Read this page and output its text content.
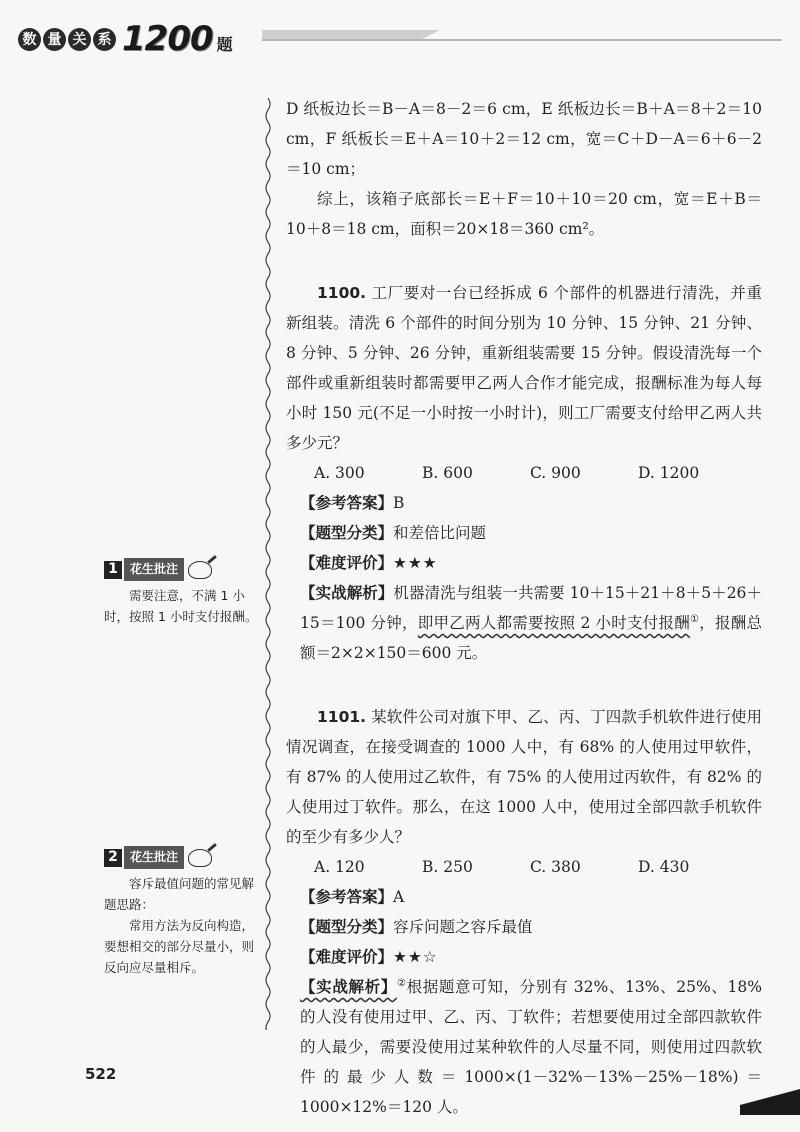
数 量 关 系 1200 题

D 纸板边长＝B－A＝8－2＝6 cm，E 纸板边长＝B＋A＝8＋2＝10 cm，F 纸板长＝E＋A＝10＋2＝12 cm，宽＝C＋D－A＝6＋6－2＝10 cm；

综上，该箱子底部长＝E＋F＝10＋10＝20 cm，宽＝E＋B＝10＋8＝18 cm，面积＝20×18＝360 cm²。

1100. 工厂要对一台已经拆成 6 个部件的机器进行清洗，并重新组装。清洗 6 个部件的时间分别为 10 分钟、15 分钟、21 分钟、8 分钟、5 分钟、26 分钟，重新组装需要 15 分钟。假设清洗每一个部件或重新组装时都需要甲乙两人合作才能完成，报酬标准为每人每小时 150 元(不足一小时按一小时计)，则工厂需要支付给甲乙两人共多少元？

A. 300	B. 600	C. 900	D. 1200

【参考答案】B

【题型分类】和差倍比问题

【难度评价】★★★

【实战解析】机器清洗与组装一共需要 10＋15＋21＋8＋5＋26＋15＝100 分钟，即甲乙两人都需要按照 2 小时支付报酬①，报酬总额＝2×2×150＝600 元。

1101. 某软件公司对旗下甲、乙、丙、丁四款手机软件进行使用情况调查，在接受调查的 1000 人中，有 68% 的人使用过甲软件，有 87% 的人使用过乙软件，有 75% 的人使用过丙软件，有 82% 的人使用过丁软件。那么，在这 1000 人中，使用过全部四款手机软件的至少有多少人？

A. 120	B. 250	C. 380	D. 430

【参考答案】A

【题型分类】容斥问题之容斥最值

【难度评价】★★☆

【实战解析】②根据题意可知，分别有 32%、13%、25%、18% 的人没有使用过甲、乙、丙、丁软件；若想要使用过全部四款软件的人最少，需要没使用过某种软件的人尽量不同，则使用过四款软件的最少人数＝1000×(1－32%－13%－25%－18%)＝1000×12%＝120 人。

1	花生批注

需要注意，不满 1 小时，按照 1 小时支付报酬。

2	花生批注

容斥最值问题的常见解题思路：

常用方法为反向构造，要想相交的部分尽量小，则反向应尽量相斥。

522
